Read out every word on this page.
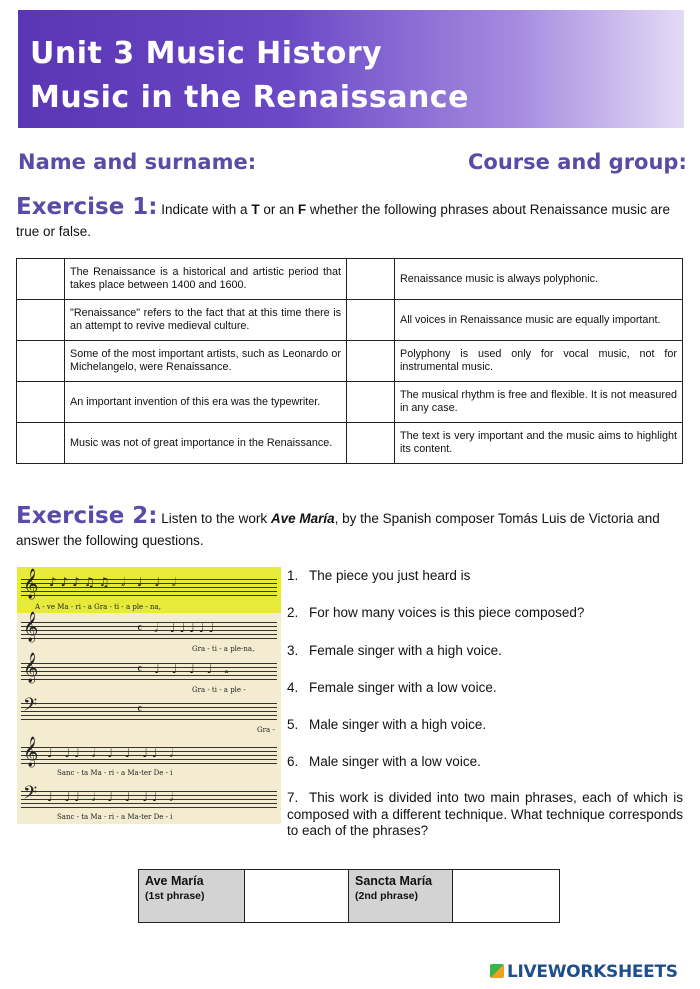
Unit 3 Music History
Music in the Renaissance
Name and surname:	Course and group:
Exercise 1: Indicate with a T or an F whether the following phrases about Renaissance music are true or false.
	The Renaissance is a historical and artistic period that takes place between 1400 and 1600.		Renaissance music is always polyphonic.
	"Renaissance" refers to the fact that at this time there is an attempt to revive medieval culture.		All voices in Renaissance music are equally important.
	Some of the most important artists, such as Leonardo or Michelangelo, were Renaissance.		Polyphony is used only for vocal music, not for instrumental music.
	An important invention of this era was the typewriter.		The musical rhythm is free and flexible. It is not measured in any case.
	Music was not of great importance in the Renaissance.		The text is very important and the music aims to highlight its content.
Exercise 2: Listen to the work Ave María, by the Spanish composer Tomás Luis de Victoria and answer the following questions.
𝄞 ♪♪♪♫♫ 𝅗𝅥 ♩ ♩ 𝅗𝅥
A - ve Ma - ri - a Gra - ti - a ple - na,
𝄞	𝄴 𝅗𝅥 ♩♩♩♩♩
Gra - ti - a ple-na,
𝄞	𝄴 ♩ ♩ ♩ ♩ 𝅝
Gra - ti - a ple -
𝄢	𝄴
Gra -
𝄞 ♩ ♩♩ 𝅗𝅥 ♩ ♩ ♩♩ 𝅗𝅥
Sanc - ta Ma - ri - a Ma-ter De - i
𝄢 ♩ ♩♩ 𝅗𝅥 ♩ ♩ ♩♩ 𝅗𝅥
Sanc - ta Ma - ri - a Ma-ter De - i
1. The piece you just heard is
2. For how many voices is this piece composed?
3. Female singer with a high voice.
4. Female singer with a low voice.
5. Male singer with a high voice.
6. Male singer with a low voice.
7. This work is divided into two main phrases, each of which is composed with a different technique. What technique corresponds to each of the phrases?
Ave María
(1st phrase)
		Sancta María
(2nd phrase)

LIVEWORKSHEETS
